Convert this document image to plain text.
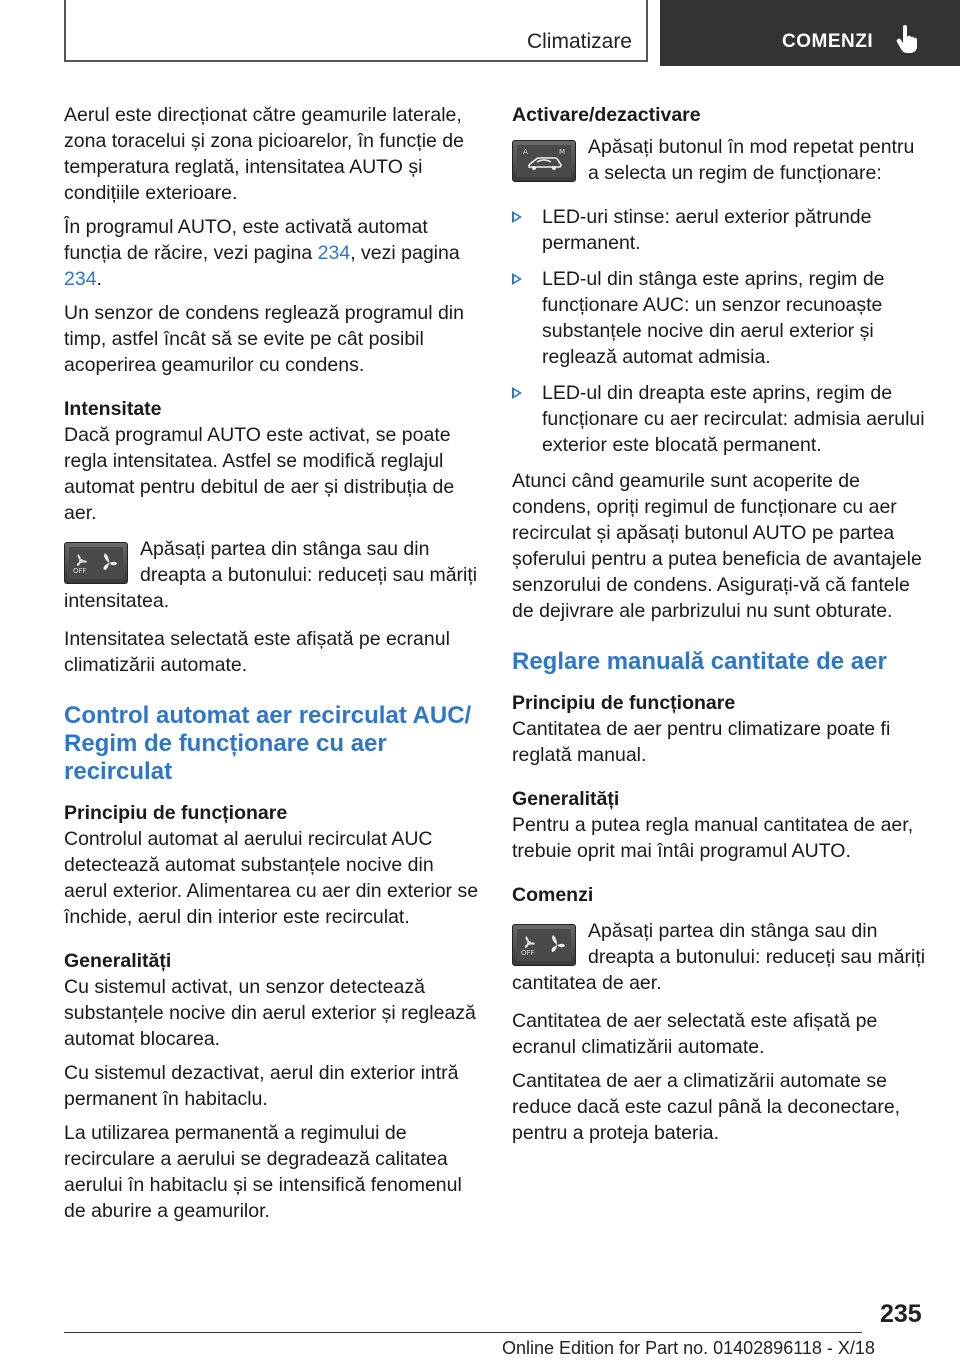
Climatizare	COMENZI

Aerul este direcționat către geamurile laterale, zona toracelui și zona picioarelor, în funcție de temperatura reglată, intensitatea AUTO și condițiile exterioare.

În programul AUTO, este activată automat funcția de răcire, vezi pagina 234, vezi pagina 234.

Un senzor de condens reglează programul din timp, astfel încât să se evite pe cât posibil acoperirea geamurilor cu condens.

Intensitate

Dacă programul AUTO este activat, se poate regla intensitatea. Astfel se modifică reglajul automat pentru debitul de aer și distribuția de aer.

OFF
Apăsați partea din stânga sau din dreapta a butonului: reduceți sau măriți intensitatea.

Intensitatea selectată este afișată pe ecranul climatizării automate.

Control automat aer recirculat AUC/ Regim de funcționare cu aer recirculat
Principiu de funcționare

Controlul automat al aerului recirculat AUC detectează automat substanțele nocive din aerul exterior. Alimentarea cu aer din exterior se închide, aerul din interior este recirculat.

Generalități

Cu sistemul activat, un senzor detectează substanțele nocive din aerul exterior și reglează automat blocarea.

Cu sistemul dezactivat, aerul din exterior intră permanent în habitaclu.

La utilizarea permanentă a regimului de recirculare a aerului se degradează calitatea aerului în habitaclu și se intensifică fenomenul de aburire a geamurilor.

Activare/dezactivare
A	M Apăsați butonul în mod repetat pentru a selecta un regim de funcționare:
LED-uri stinse: aerul exterior pătrunde permanent.
LED-ul din stânga este aprins, regim de funcționare AUC: un senzor recunoaște substanțele nocive din aerul exterior și reglează automat admisia.
LED-ul din dreapta este aprins, regim de funcționare cu aer recirculat: admisia aerului exterior este blocată permanent.

Atunci când geamurile sunt acoperite de condens, opriți regimul de funcționare cu aer recirculat și apăsați butonul AUTO pe partea șoferului pentru a putea beneficia de avantajele senzorului de condens. Asigurați-vă că fantele de dejivrare ale parbrizului nu sunt obturate.

Reglare manuală cantitate de aer
Principiu de funcționare

Cantitatea de aer pentru climatizare poate fi reglată manual.

Generalități

Pentru a putea regla manual cantitatea de aer, trebuie oprit mai întâi programul AUTO.

Comenzi
OFF
Apăsați partea din stânga sau din dreapta a butonului: reduceți sau măriți cantitatea de aer.

Cantitatea de aer selectată este afișată pe ecranul climatizării automate.

Cantitatea de aer a climatizării automate se reduce dacă este cazul până la deconectare, pentru a proteja bateria.

235
Online Edition for Part no. 01402896118 - X/18
